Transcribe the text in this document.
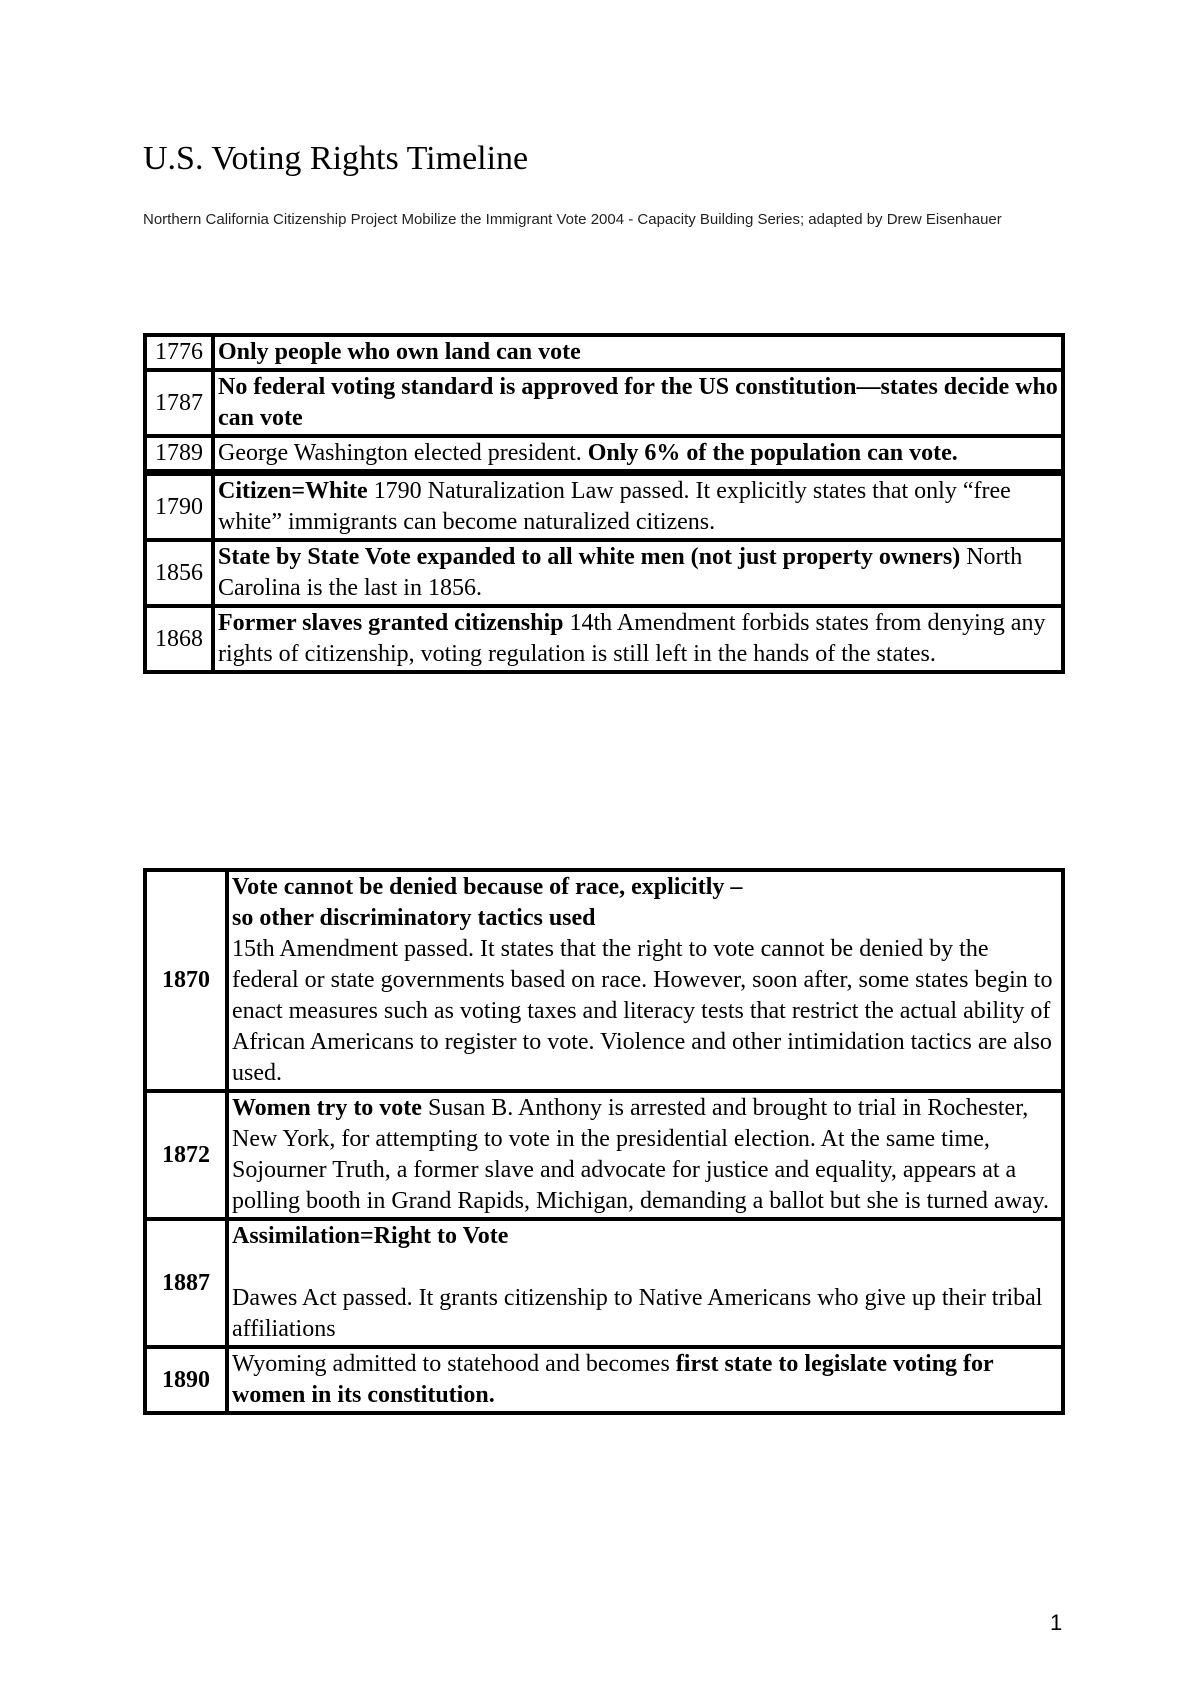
U.S. Voting Rights Timeline
Northern California Citizenship Project Mobilize the Immigrant Vote 2004 - Capacity Building Series; adapted by Drew Eisenhauer
1776	Only people who own land can vote
1787	No federal voting standard is approved for the US constitution—states decide who can vote
1789	George Washington elected president. Only 6% of the population can vote.
1790	Citizen=White 1790 Naturalization Law passed. It explicitly states that only “free white” immigrants can become naturalized citizens.
1856	State by State Vote expanded to all white men (not just property owners) North Carolina is the last in 1856.
1868	Former slaves granted citizenship 14th Amendment forbids states from denying any rights of citizenship, voting regulation is still left in the hands of the states.
1870	Vote cannot be denied because of race, explicitly –
so other discriminatory tactics used
15th Amendment passed. It states that the right to vote cannot be denied by the federal or state governments based on race. However, soon after, some states begin to enact measures such as voting taxes and literacy tests that restrict the actual ability of African Americans to register to vote. Violence and other intimidation tactics are also used.
1872	Women try to vote Susan B. Anthony is arrested and brought to trial in Rochester, New York, for attempting to vote in the presidential election. At the same time, Sojourner Truth, a former slave and advocate for justice and equality, appears at a polling booth in Grand Rapids, Michigan, demanding a ballot but she is turned away.
1887	Assimilation=Right to Vote

Dawes Act passed. It grants citizenship to Native Americans who give up their tribal affiliations
1890	Wyoming admitted to statehood and becomes first state to legislate voting for women in its constitution.
1
